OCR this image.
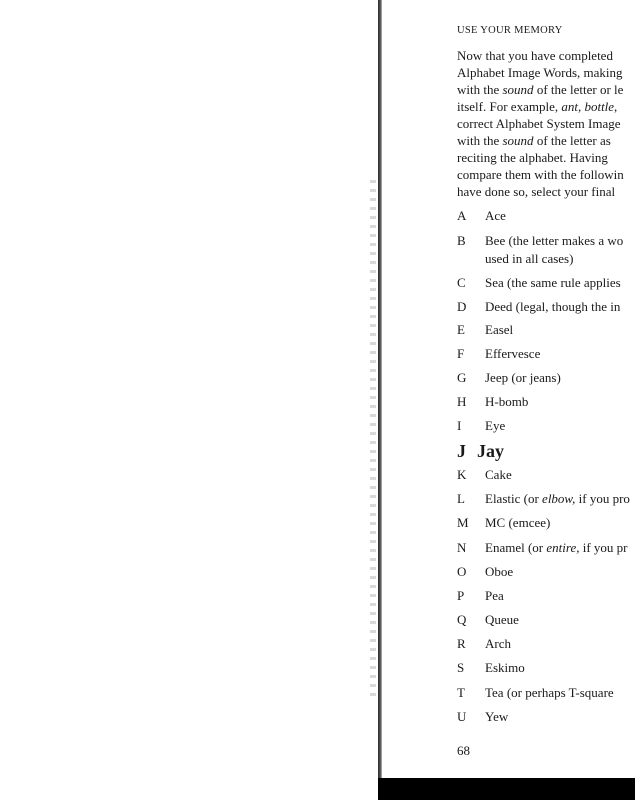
USE YOUR MEMORY
Now that you have completed
Alphabet Image Words, making
with the sound of the letter or le
itself. For example, ant, bottle,
correct Alphabet System Image
with the sound of the letter as
reciting the alphabet. Having
compare them with the followin
have done so, select your final
A Ace
B Bee (the letter makes a wo
used in all cases)
C Sea (the same rule applies
D Deed (legal, though the in
E Easel
F Effervesce
G Jeep (or jeans)
H H-bomb
I Eye
J Jay
K Cake
L Elastic (or elbow, if you pro
M MC (emcee)
N Enamel (or entire, if you pr
O Oboe
P Pea
Q Queue
R Arch
S Eskimo
T Tea (or perhaps T-square
U Yew
68
